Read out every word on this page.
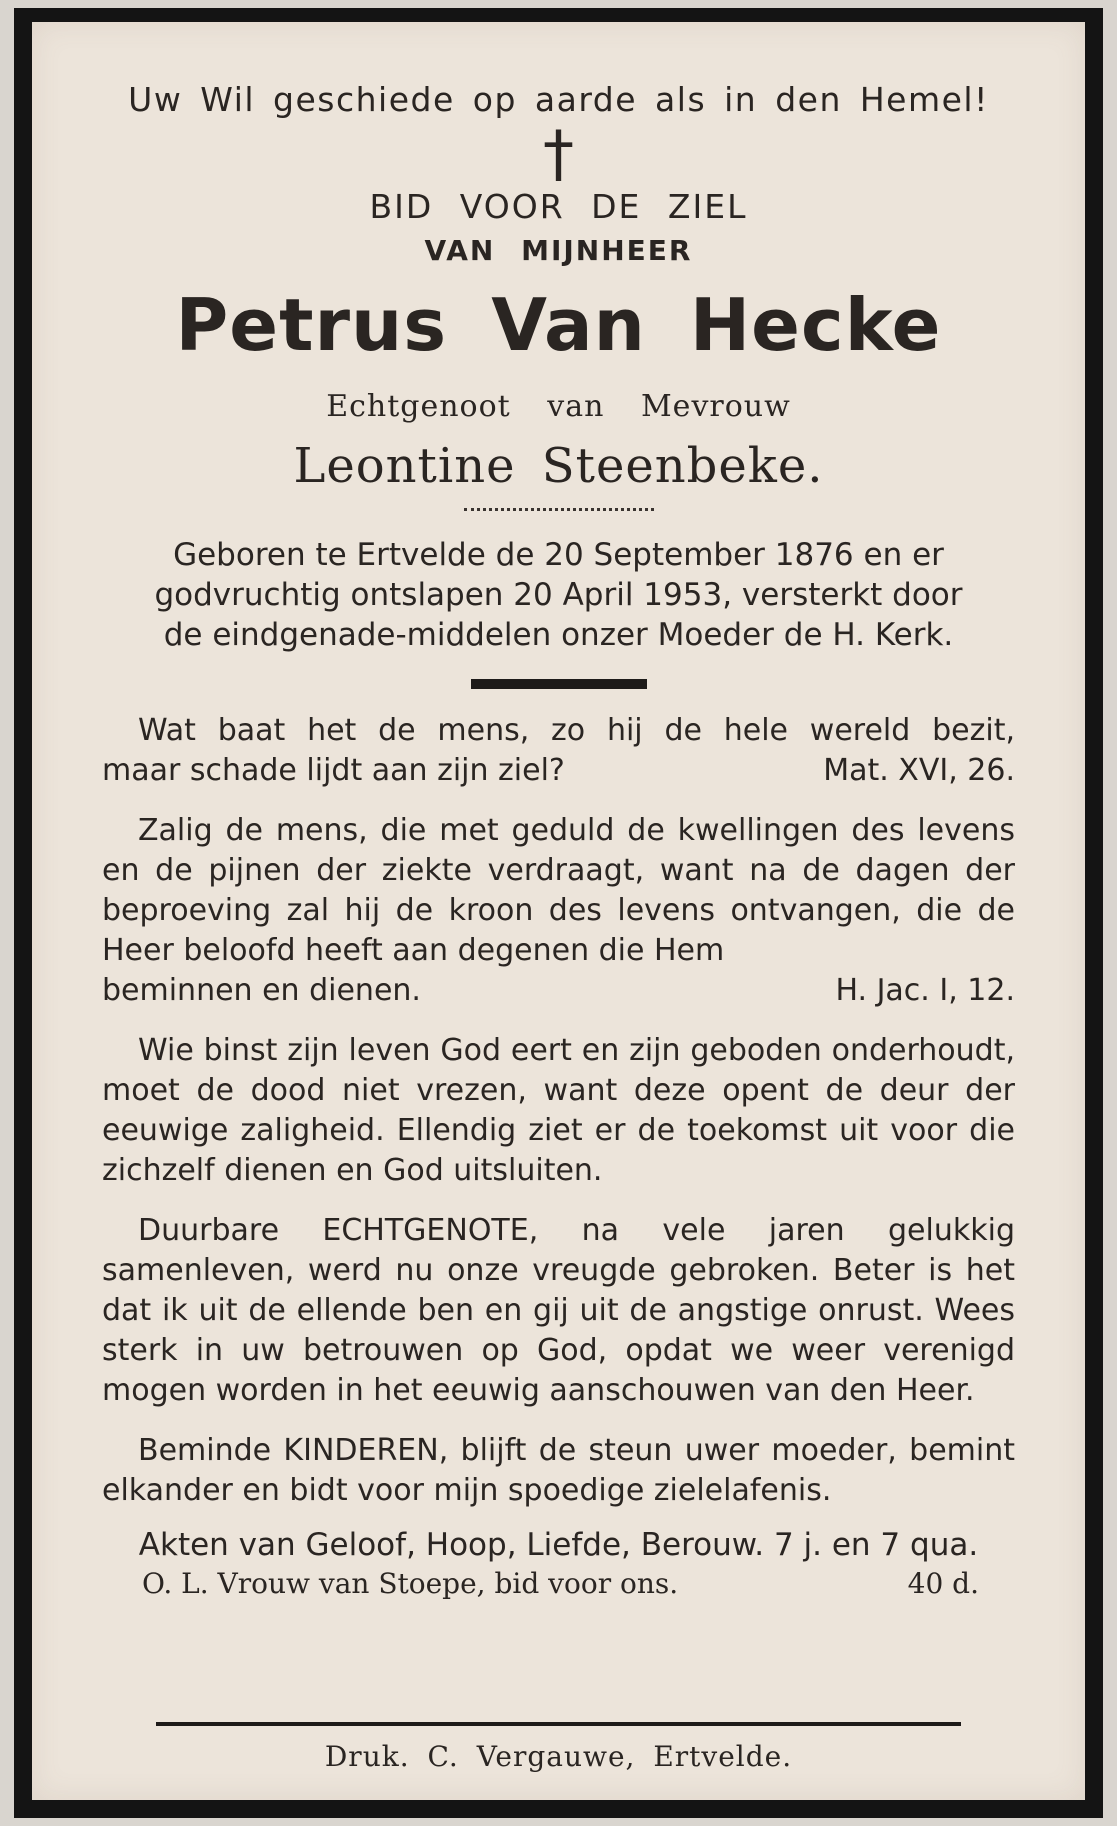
Uw Wil geschiede op aarde als in den Hemel!
†
BID VOOR DE ZIEL
VAN MIJNHEER
Petrus Van Hecke
Echtgenoot van Mevrouw
Leontine Steenbeke.
Geboren te Ertvelde de 20 September 1876 en er
godvruchtig ontslapen 20 April 1953, versterkt door
de eindgenade-middelen onzer Moeder de H. Kerk.
Wat baat het de mens, zo hij de hele wereld bezit,
maar schade lijdt aan zijn ziel?	Mat. XVI, 26.
Zalig de mens, die met geduld de kwellingen des levens en de pijnen der ziekte verdraagt, want na de dagen der beproeving zal hij de kroon des levens ontvangen, die de Heer beloofd heeft aan degenen die Hem
beminnen en dienen.	H. Jac. I, 12.
Wie binst zijn leven God eert en zijn geboden onderhoudt, moet de dood niet vrezen, want deze opent de deur der eeuwige zaligheid. Ellendig ziet er de toekomst uit voor die zichzelf dienen en God uitsluiten.
Duurbare ECHTGENOTE, na vele jaren gelukkig samenleven, werd nu onze vreugde gebroken. Beter is het dat ik uit de ellende ben en gij uit de angstige onrust. Wees sterk in uw betrouwen op God, opdat we weer verenigd mogen worden in het eeuwig aanschouwen van den Heer.
Beminde KINDEREN, blijft de steun uwer moeder, bemint elkander en bidt voor mijn spoedige zielelafenis.
Akten van Geloof, Hoop, Liefde, Berouw. 7 j. en 7 qua.
O. L. Vrouw van Stoepe, bid voor ons.	40 d.
Druk. C. Vergauwe, Ertvelde.
